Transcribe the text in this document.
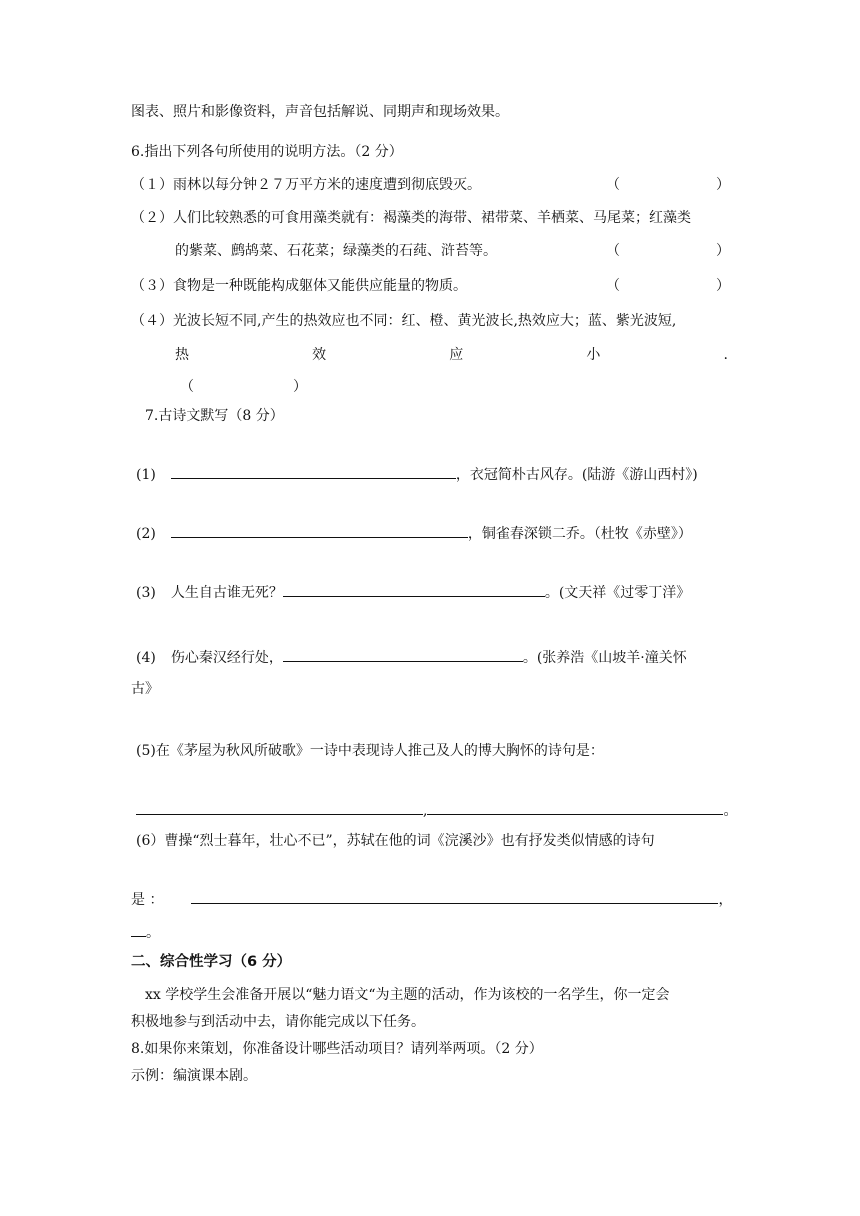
图表、照片和影像资料，声音包括解说、同期声和现场效果。
6.指出下列各句所使用的说明方法。（2 分）
（１）雨林以每分钟２７万平方米的速度遭到彻底毁灭。	（	）
（２）人们比较熟悉的可食用藻类就有：褐藻类的海带、裙带菜、羊栖菜、马尾菜；红藻类
的紫菜、鹧鸪菜、石花菜；绿藻类的石莼、浒苔等。	（	）
（３）食物是一种既能构成躯体又能供应能量的物质。	（	）
（４）光波长短不同,产生的热效应也不同：红、橙、黄光波长,热效应大；蓝、紫光波短,
热	效	应	小	.
（	）
7.古诗文默写（8 分）
(1)	，衣冠简朴古风存。(陆游《游山西村》)
(2)	，铜雀春深锁二乔。（杜牧《赤壁》）
(3) 人生自古谁无死？	。(文天祥《过零丁洋》
(4) 伤心秦汉经行处，	。(张养浩《山坡羊·潼关怀
古》
(5)在《茅屋为秋风所破歌》一诗中表现诗人推己及人的博大胸怀的诗句是：
,	。
(6）曹操“烈士暮年，壮心不已”，苏轼在他的词《浣溪沙》也有抒发类似情感的诗句
是 ：	，
。
二、综合性学习（6 分）
xx 学校学生会准备开展以“魅力语文“为主题的活动，作为该校的一名学生，你一定会
积极地参与到活动中去，请你能完成以下任务。
8.如果你来策划，你准备设计哪些活动项目？请列举两项。（2 分）
示例：编演课本剧。
